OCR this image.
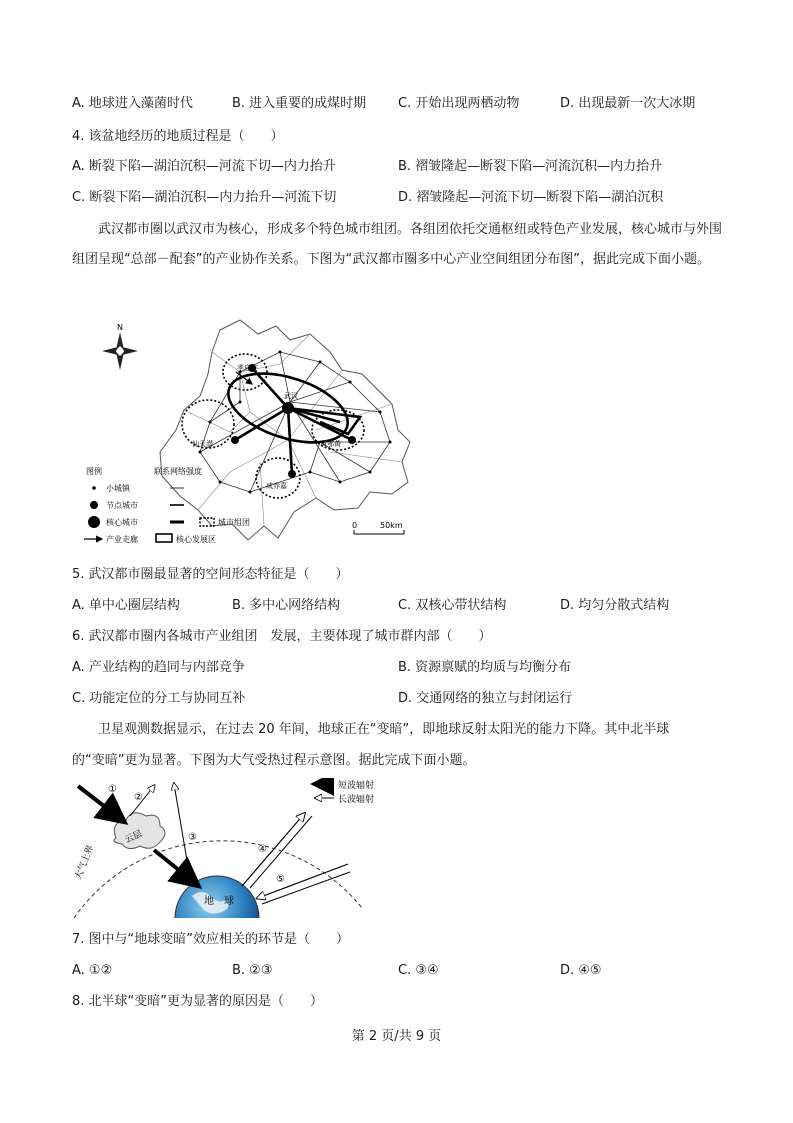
A. 地球进入藻菌时代	B. 进入重要的成煤时期 C. 开始出现两栖动物	D. 出现最新一次大冰期
4. 该盆地经历的地质过程是（　　）
A. 断裂下陷—湖泊沉积—河流下切—内力抬升	B. 褶皱隆起—断裂下陷—河流沉积—内力抬升
C. 断裂下陷—湖泊沉积—内力抬升—河流下切	D. 褶皱隆起—河流下切—断裂下陷—湖泊沉积
武汉都市圈以武汉市为核心，形成多个特色城市组团。各组团依托交通枢纽或特色产业发展，核心城市与外围组团呈现“总部－配套”的产业协作关系。下图为“武汉都市圈多中心产业空间组团分布图”，据此完成下面小题。
N
孝应安
武汉
仙天潜	黄鄂黄
咸赤嘉
图例	联系网络强度
小城镇
节点城市
核心城市	城市组团
产业走廊	核心发展区
0	50km
5. 武汉都市圈最显著的空间形态特征是（　　）
A. 单中心圈层结构	B. 多中心网络结构	C. 双核心带状结构	D. 均匀分散式结构
6. 武汉都市圈内各城市产业组团　发展，主要体现了城市群内部（　　）
A. 产业结构的趋同与内部竞争	B. 资源禀赋的均质与均衡分布
C. 功能定位的分工与协同互补	D. 交通网络的独立与封闭运行
卫星观测数据显示，在过去 20 年间，地球正在“变暗”，即地球反射太阳光的能力下降。其中北半球
的“变暗”更为显著。下图为大气受热过程示意图。据此完成下面小题。
大气上界
地　球
云层
①
②
③
④
⑤
短波辐射
长波辐射
7. 图中与“地球变暗”效应相关的环节是（　　）
A. ①②	B. ②③	C. ③④	D. ④⑤
8. 北半球“变暗”更为显著的原因是（　　）
第 2 页/共 9 页
